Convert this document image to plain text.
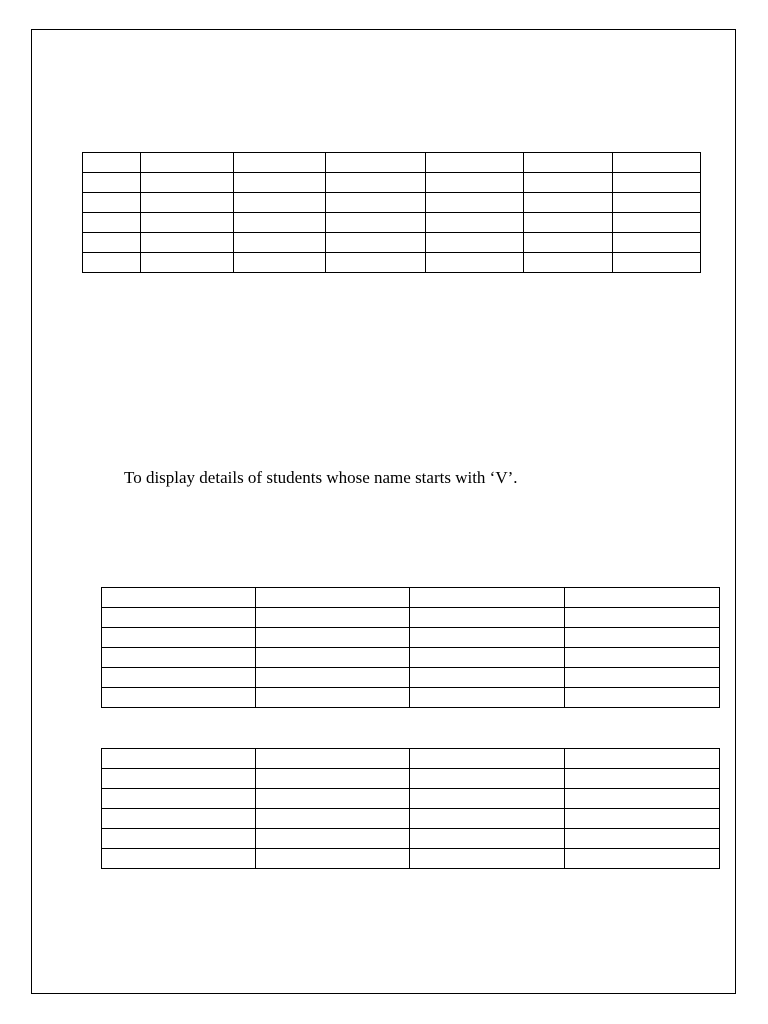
To display details of students whose name starts with ‘V’.
